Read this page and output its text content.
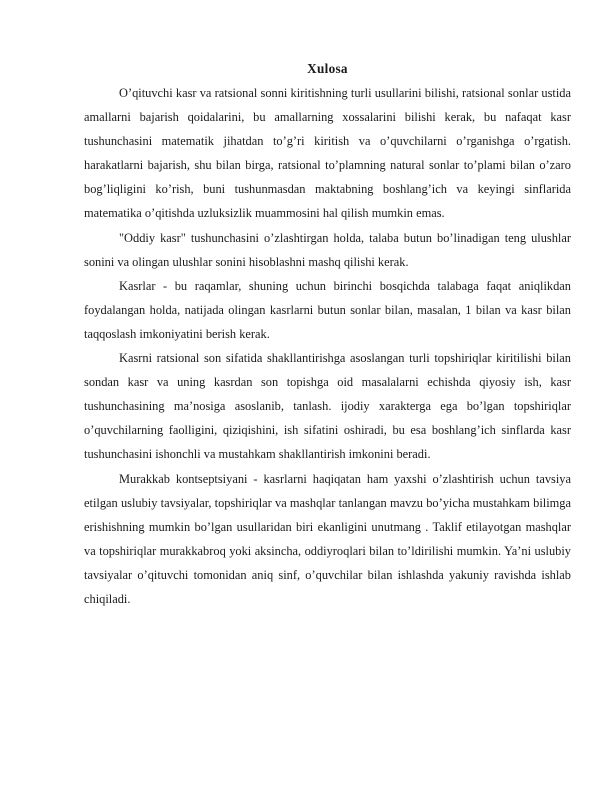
Xulosa

O’qituvchi kasr va ratsional sonni kiritishning turli usullarini bilishi, ratsional sonlar ustida amallarni bajarish qoidalarini, bu amallarning xossalarini bilishi kerak, bu nafaqat kasr tushunchasini matematik jihatdan to’g’ri kiritish va o’quvchilarni o’rganishga o’rgatish. harakatlarni bajarish, shu bilan birga, ratsional to’plamning natural sonlar to’plami bilan o’zaro bog’liqligini ko’rish, buni tushunmasdan maktabning boshlang’ich va keyingi sinflarida matematika o’qitishda uzluksizlik muammosini hal qilish mumkin emas.

"Oddiy kasr" tushunchasini o’zlashtirgan holda, talaba butun bo’linadigan teng ulushlar sonini va olingan ulushlar sonini hisoblashni mashq qilishi kerak.

Kasrlar - bu raqamlar, shuning uchun birinchi bosqichda talabaga faqat aniqlikdan foydalangan holda, natijada olingan kasrlarni butun sonlar bilan, masalan, 1 bilan va kasr bilan taqqoslash imkoniyatini berish kerak.

Kasrni ratsional son sifatida shakllantirishga asoslangan turli topshiriqlar kiritilishi bilan sondan kasr va uning kasrdan son topishga oid masalalarni echishda qiyosiy ish, kasr tushunchasining ma’nosiga asoslanib, tanlash. ijodiy xarakterga ega bo’lgan topshiriqlar o’quvchilarning faolligini, qiziqishini, ish sifatini oshiradi, bu esa boshlang’ich sinflarda kasr tushunchasini ishonchli va mustahkam shakllantirish imkonini beradi.

Murakkab kontseptsiyani - kasrlarni haqiqatan ham yaxshi o’zlashtirish uchun tavsiya etilgan uslubiy tavsiyalar, topshiriqlar va mashqlar tanlangan mavzu bo’yicha mustahkam bilimga erishishning mumkin bo’lgan usullaridan biri ekanligini unutmang . Taklif etilayotgan mashqlar va topshiriqlar murakkabroq yoki aksincha, oddiyroqlari bilan to’ldirilishi mumkin. Ya’ni uslubiy tavsiyalar o’qituvchi tomonidan aniq sinf, o’quvchilar bilan ishlashda yakuniy ravishda ishlab chiqiladi.
